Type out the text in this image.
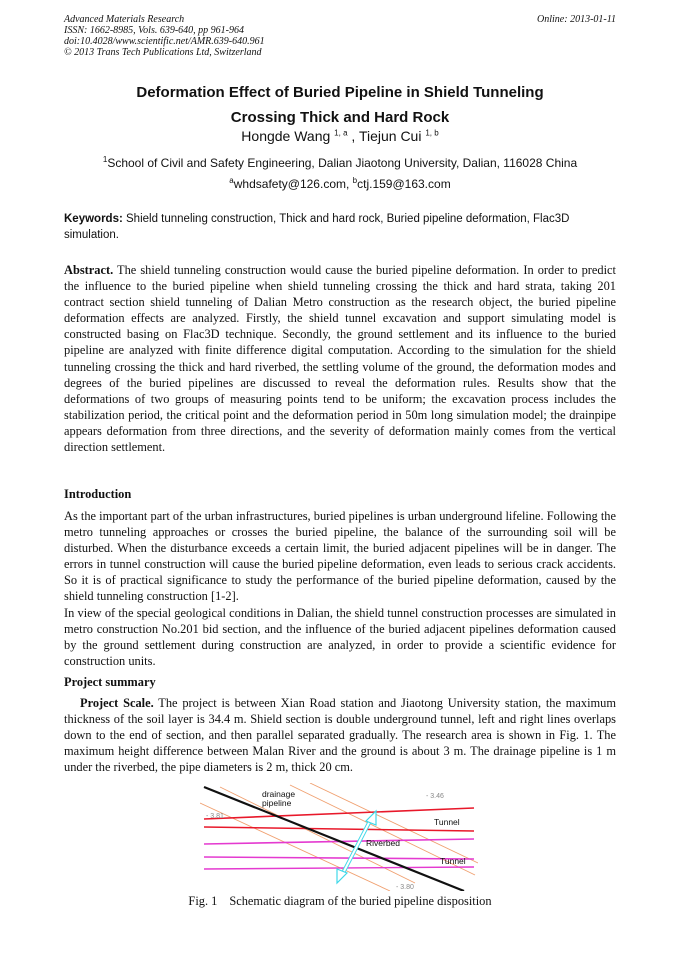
Advanced Materials Research
ISSN: 1662-8985, Vols. 639-640, pp 961-964
doi:10.4028/www.scientific.net/AMR.639-640.961
© 2013 Trans Tech Publications Ltd, Switzerland
Online: 2013-01-11
Deformation Effect of Buried Pipeline in Shield Tunneling
Crossing Thick and Hard Rock
Hongde Wang $^{1, a}$ , Tiejun Cui $^{1, b}$
$^1$School of Civil and Safety Engineering, Dalian Jiaotong University, Dalian, 116028 China
$^a$whdsafety@126.com, $^b$ctj.159@163.com
Keywords: Shield tunneling construction, Thick and hard rock, Buried pipeline deformation, Flac3D simulation.
Abstract. The shield tunneling construction would cause the buried pipeline deformation. In order to predict the influence to the buried pipeline when shield tunneling crossing the thick and hard strata, taking 201 contract section shield tunneling of Dalian Metro construction as the research object, the buried pipeline deformation effects are analyzed. Firstly, the shield tunnel excavation and support simulating model is constructed basing on Flac3D technique. Secondly, the ground settlement and its influence to the buried pipeline are analyzed with finite difference digital computation. According to the simulation for the shield tunneling crossing the thick and hard riverbed, the settling volume of the ground, the deformation modes and degrees of the buried pipelines are discussed to reveal the deformation rules. Results show that the deformations of two groups of measuring points tend to be uniform; the excavation process includes the stabilization period, the critical point and the deformation period in 50m long simulation model; the drainpipe appears deformation from three directions, and the severity of deformation mainly comes from the vertical direction settlement.
Introduction
As the important part of the urban infrastructures, buried pipelines is urban underground lifeline. Following the metro tunneling approaches or crosses the buried pipeline, the balance of the surrounding soil will be disturbed. When the disturbance exceeds a certain limit, the buried adjacent pipelines will be in danger. The errors in tunnel construction will cause the buried pipeline deformation, even leads to serious crack accidents. So it is of practical significance to study the performance of the buried pipeline deformation, caused by the shield tunneling construction [1-2].
In view of the special geological conditions in Dalian, the shield tunnel construction processes are simulated in metro construction No.201 bid section, and the influence of the buried adjacent pipelines deformation caused by the ground settlement during construction are analyzed, in order to provide a scientific evidence for construction units.
Project summary
Project Scale. The project is between Xian Road station and Jiaotong University station, the maximum thickness of the soil layer is 34.4 m. Shield section is double underground tunnel, left and right lines overlaps down to the end of section, and then parallel separated gradually. The research area is shown in Fig. 1. The maximum height difference between Malan River and the ground is about 3 m. The drainage pipeline is 1 m under the riverbed, the pipe diameters is 2 m, thick 20 cm.
drainage
pipeline
Tunnel
Riverbed
Tunnel
- 3.46
- 3.80
- 3.81
Fig. 1 Schematic diagram of the buried pipeline disposition
